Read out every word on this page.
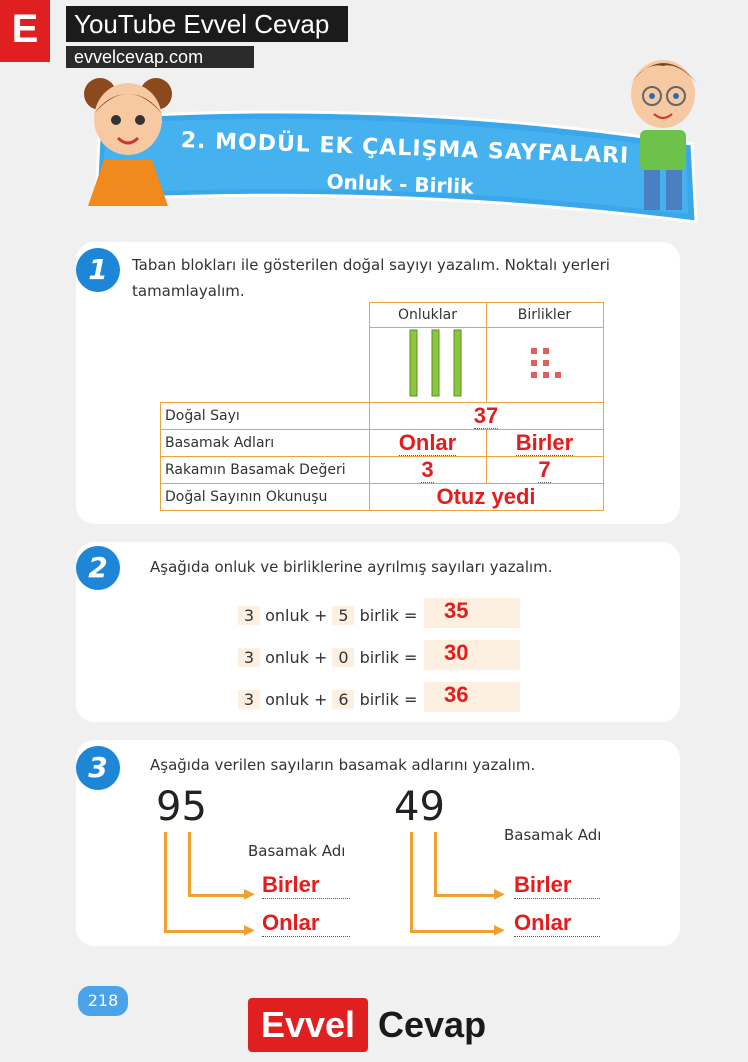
E	YouTube Evvel Cevap
evvelcevap.com
2. MODÜL EK ÇALIŞMA SAYFALARI
Onluk - Birlik
1	Taban blokları ile gösterilen doğal sayıyı yazalım. Noktalı yerleri tamamlayalım.
	Onluklar	Birlikler

Doğal Sayı	37	
Basamak Adları	Onlar	Birler
Rakamın Basamak Değeri	3	7
Doğal Sayının Okunuşu	Otuz yedi	
2	Aşağıda onluk ve birliklerine ayrılmış sayıları yazalım.
3 onluk + 5 birlik = 35
3 onluk + 0 birlik = 30
3 onluk + 6 birlik = 36
3	Aşağıda verilen sayıların basamak adlarını yazalım.
95
Basamak Adı
▶
▶
Birler
Onlar
49
Basamak Adı
▶
▶
Birler
Onlar
218
Evvel Cevap
